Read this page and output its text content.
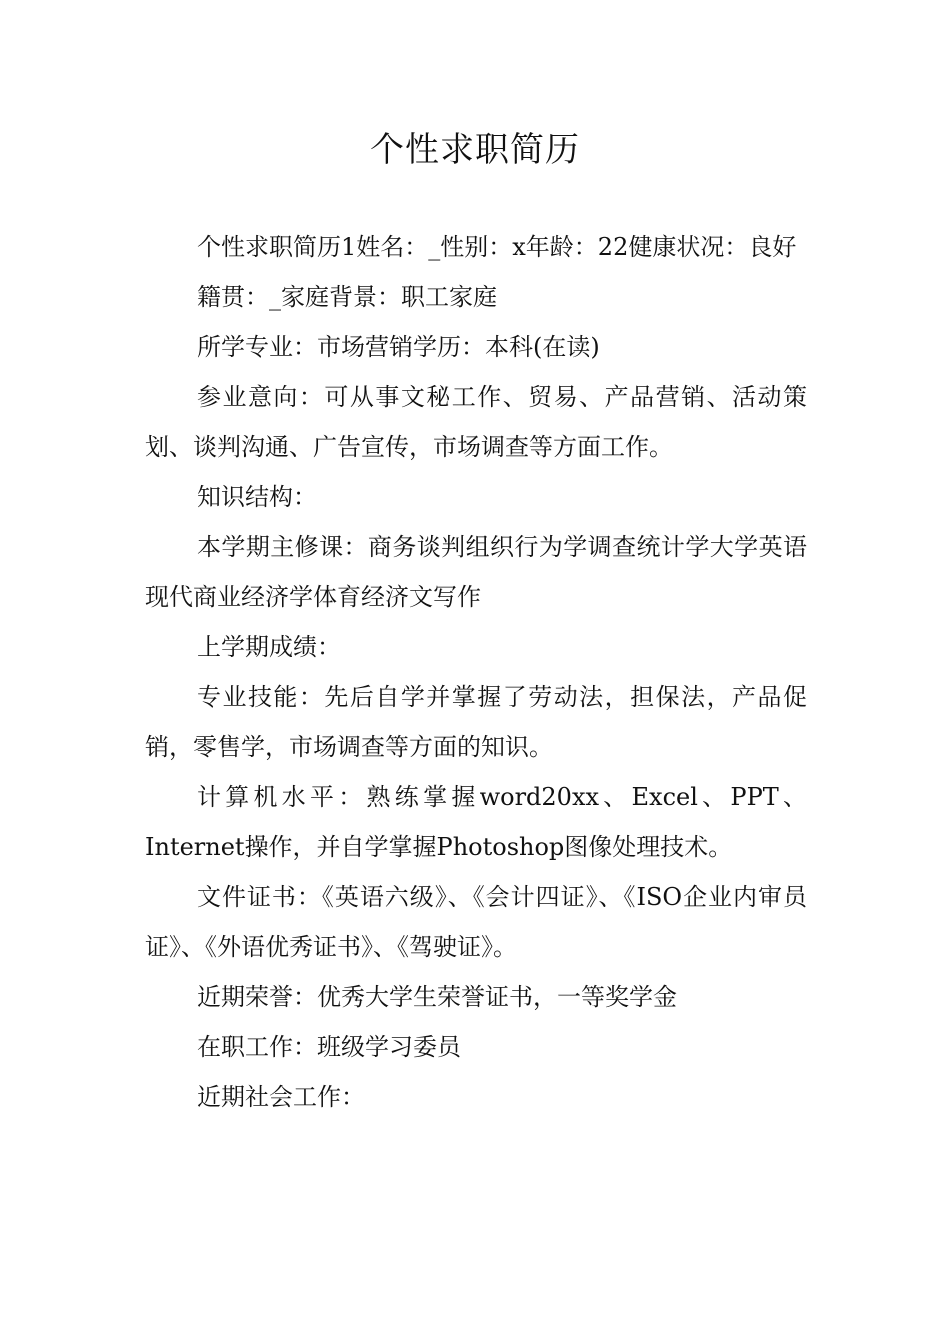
个性求职简历

个性求职简历1姓名：_性别：x年龄：22健康状况：良好

籍贯：_家庭背景：职工家庭

所学专业：市场营销学历：本科(在读)

参业意向：可从事文秘工作、贸易、产品营销、活动策划、谈判沟通、广告宣传，市场调查等方面工作。

知识结构：

本学期主修课：商务谈判组织行为学调查统计学大学英语现代商业经济学体育经济文写作

上学期成绩：

专业技能：先后自学并掌握了劳动法，担保法，产品促销，零售学，市场调查等方面的知识。

计算机水平：熟练掌握word20xx、Excel、PPT、Internet操作，并自学掌握Photoshop图像处理技术。

文件证书：《英语六级》、《会计四证》、《ISO企业内审员证》、《外语优秀证书》、《驾驶证》。

近期荣誉：优秀大学生荣誉证书，一等奖学金

在职工作：班级学习委员

近期社会工作：
